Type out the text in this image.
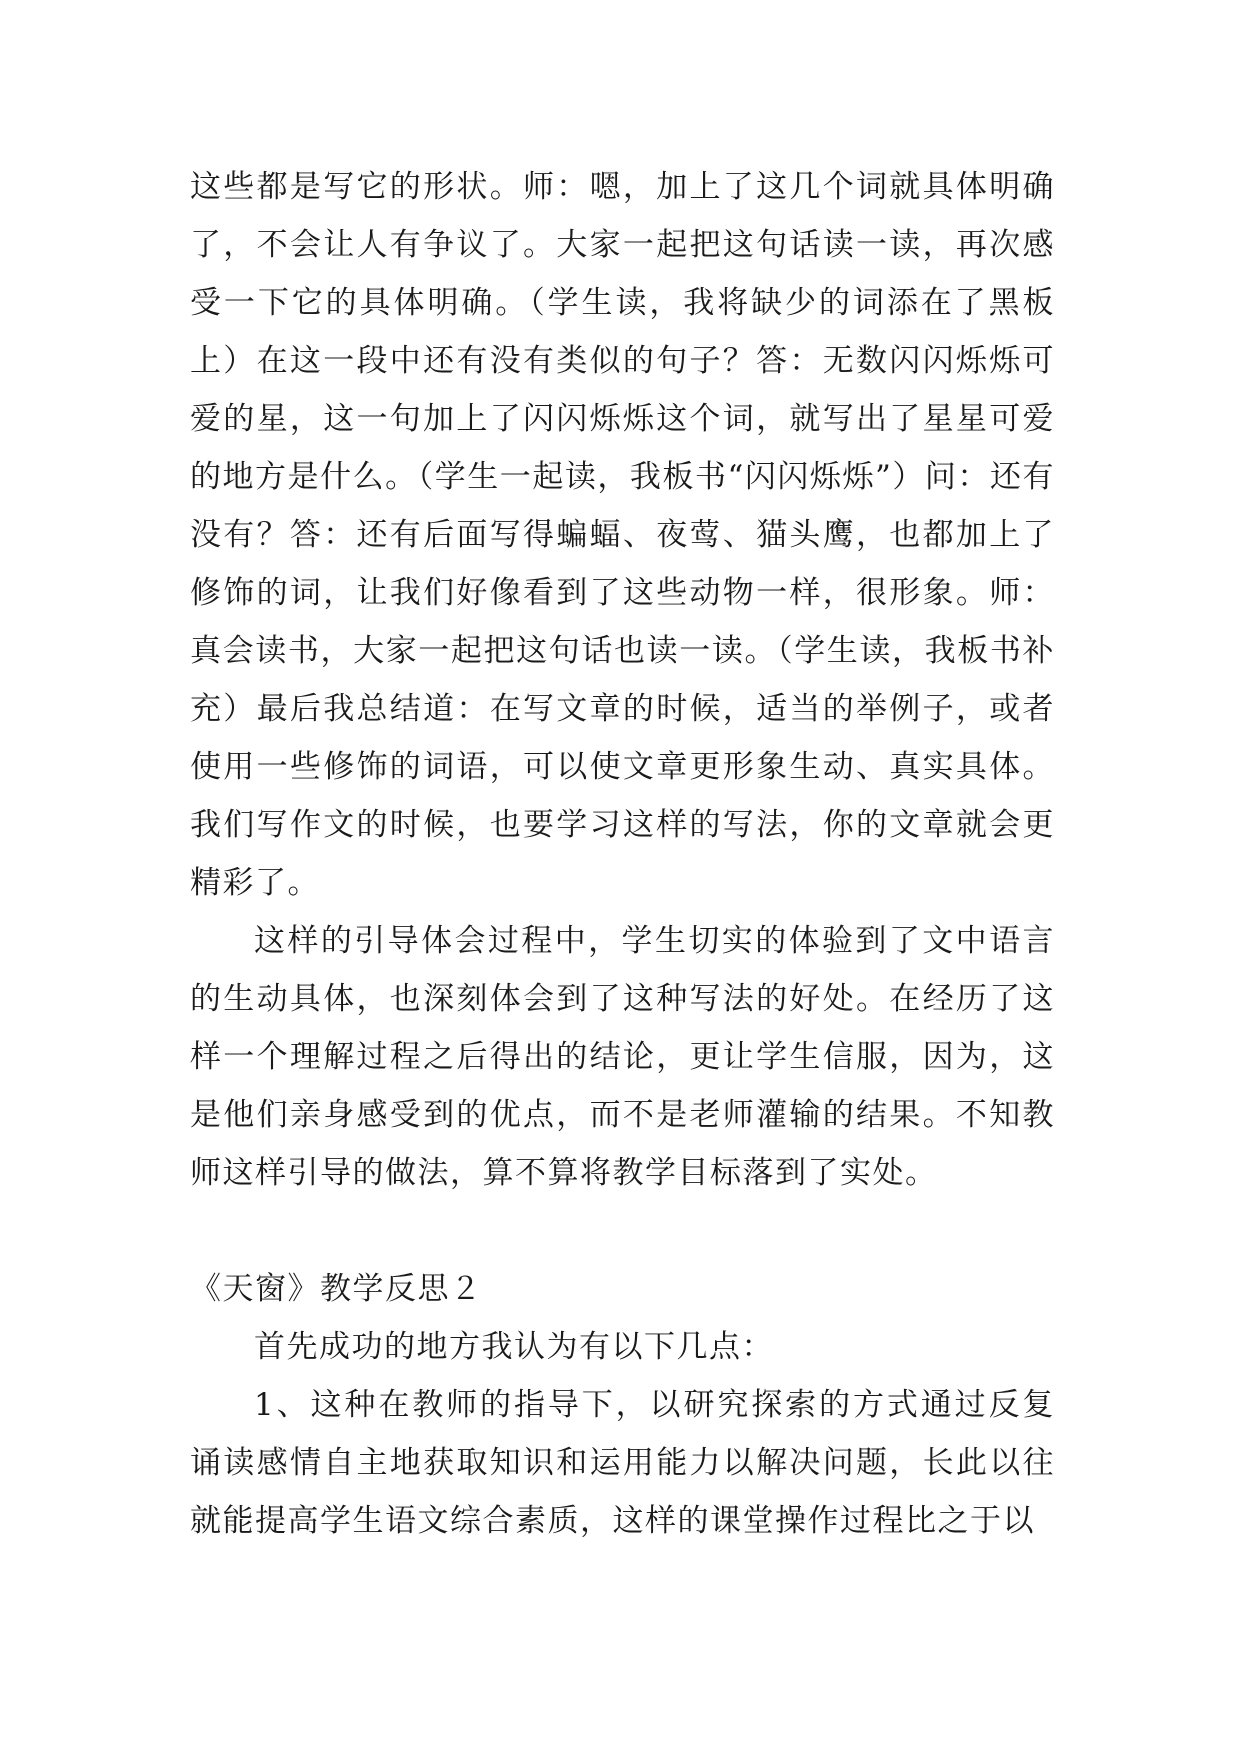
这些都是写它的形状。师：嗯，加上了这几个词就具体明确了，不会让人有争议了。大家一起把这句话读一读，再次感受一下它的具体明确。（学生读，我将缺少的词添在了黑板上）在这一段中还有没有类似的句子？答：无数闪闪烁烁可爱的星，这一句加上了闪闪烁烁这个词，就写出了星星可爱的地方是什么。（学生一起读，我板书“闪闪烁烁”）问：还有没有？答：还有后面写得蝙蝠、夜莺、猫头鹰，也都加上了修饰的词，让我们好像看到了这些动物一样，很形象。师：真会读书，大家一起把这句话也读一读。（学生读，我板书补充）最后我总结道：在写文章的时候，适当的举例子，或者使用一些修饰的词语，可以使文章更形象生动、真实具体。我们写作文的时候，也要学习这样的写法，你的文章就会更精彩了。

这样的引导体会过程中，学生切实的体验到了文中语言的生动具体，也深刻体会到了这种写法的好处。在经历了这样一个理解过程之后得出的结论，更让学生信服，因为，这是他们亲身感受到的优点，而不是老师灌输的结果。不知教师这样引导的做法，算不算将教学目标落到了实处。

《天窗》教学反思２

首先成功的地方我认为有以下几点：

1、这种在教师的指导下，以研究探索的方式通过反复诵读感情自主地获取知识和运用能力以解决问题，长此以往就能提高学生语文综合素质，这样的课堂操作过程比之于以
